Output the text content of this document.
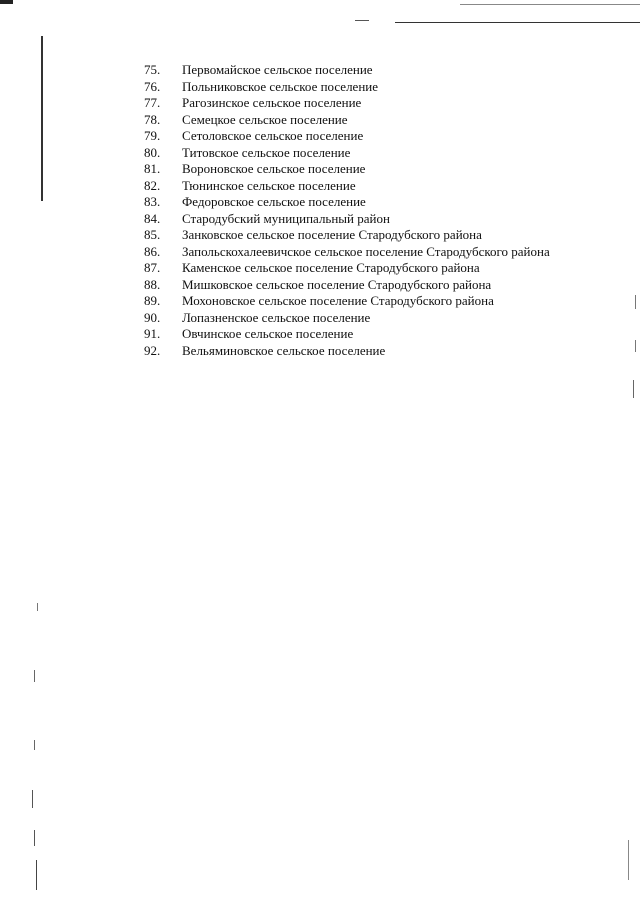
75.	Первомайское сельское поселение
76.	Польниковское сельское поселение
77.	Рагозинское сельское поселение
78.	Семецкое сельское поселение
79.	Сетоловское сельское поселение
80.	Титовское сельское поселение
81.	Вороновское сельское поселение
82.	Тюнинское сельское поселение
83.	Федоровское сельское поселение
84.	Стародубский муниципальный район
85.	Занковское сельское поселение Стародубского района
86.	Запольскохалеевичское сельское поселение Стародубского района
87.	Каменское сельское поселение Стародубского района
88.	Мишковское сельское поселение Стародубского района
89.	Мохоновское сельское поселение Стародубского района
90.	Лопазненское сельское поселение
91.	Овчинское сельское поселение
92.	Вельяминовское сельское поселение
